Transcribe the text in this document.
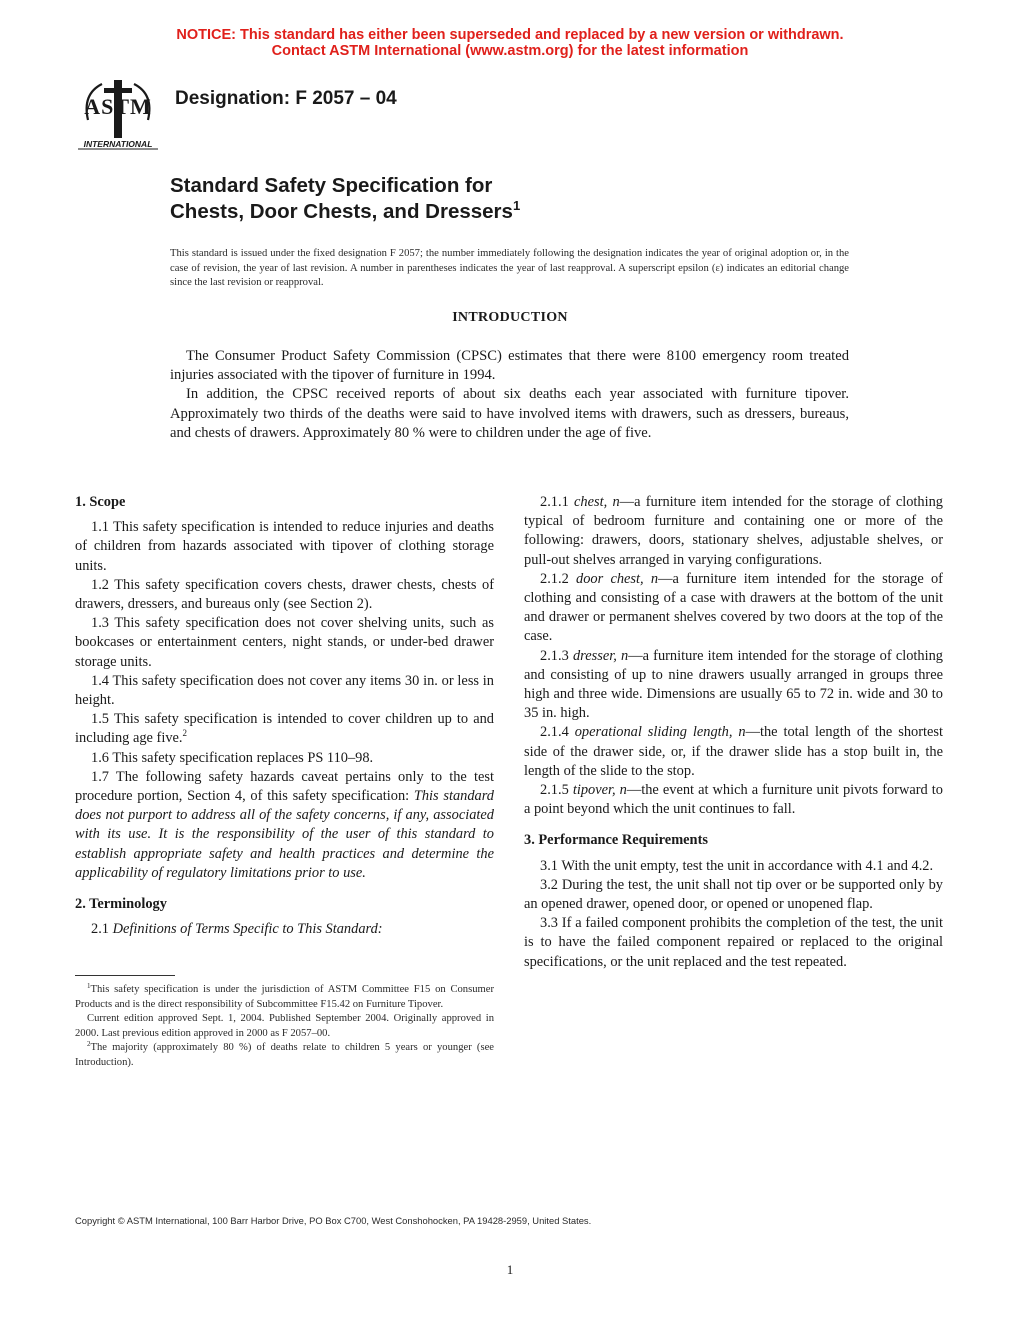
NOTICE: This standard has either been superseded and replaced by a new version or withdrawn.
Contact ASTM International (www.astm.org) for the latest information
ASTM
INTERNATIONAL
Designation: F 2057 – 04
Standard Safety Specification for
Chests, Door Chests, and Dressers$^1$
This standard is issued under the fixed designation F 2057; the number immediately following the designation indicates the year of original adoption or, in the case of revision, the year of last revision. A number in parentheses indicates the year of last reapproval. A superscript epsilon (ε) indicates an editorial change since the last revision or reapproval.
INTRODUCTION

The Consumer Product Safety Commission (CPSC) estimates that there were 8100 emergency room treated injuries associated with the tipover of furniture in 1994.

In addition, the CPSC received reports of about six deaths each year associated with furniture tipover. Approximately two thirds of the deaths were said to have involved items with drawers, such as dressers, bureaus, and chests of drawers. Approximately 80 % were to children under the age of five.

1. Scope

1.1 This safety specification is intended to reduce injuries and deaths of children from hazards associated with tipover of clothing storage units.

1.2 This safety specification covers chests, drawer chests, chests of drawers, dressers, and bureaus only (see Section 2).

1.3 This safety specification does not cover shelving units, such as bookcases or entertainment centers, night stands, or under-bed drawer storage units.

1.4 This safety specification does not cover any items 30 in. or less in height.

1.5 This safety specification is intended to cover children up to and including age five.$^2$

1.6 This safety specification replaces PS 110–98.

1.7 The following safety hazards caveat pertains only to the test procedure portion, Section 4, of this safety specification: This standard does not purport to address all of the safety concerns, if any, associated with its use. It is the responsibility of the user of this standard to establish appropriate safety and health practices and determine the applicability of regulatory limitations prior to use.

2. Terminology

2.1 Definitions of Terms Specific to This Standard:

$^1$This safety specification is under the jurisdiction of ASTM Committee F15 on Consumer Products and is the direct responsibility of Subcommittee F15.42 on Furniture Tipover.

Current edition approved Sept. 1, 2004. Published September 2004. Originally approved in 2000. Last previous edition approved in 2000 as F 2057–00.

$^2$The majority (approximately 80 %) of deaths relate to children 5 years or younger (see Introduction).

2.1.1 chest, n—a furniture item intended for the storage of clothing typical of bedroom furniture and containing one or more of the following: drawers, doors, stationary shelves, adjustable shelves, or pull-out shelves arranged in varying configurations.

2.1.2 door chest, n—a furniture item intended for the storage of clothing and consisting of a case with drawers at the bottom of the unit and drawer or permanent shelves covered by two doors at the top of the case.

2.1.3 dresser, n—a furniture item intended for the storage of clothing and consisting of up to nine drawers usually arranged in groups three high and three wide. Dimensions are usually 65 to 72 in. wide and 30 to 35 in. high.

2.1.4 operational sliding length, n—the total length of the shortest side of the drawer side, or, if the drawer slide has a stop built in, the length of the slide to the stop.

2.1.5 tipover, n—the event at which a furniture unit pivots forward to a point beyond which the unit continues to fall.

3. Performance Requirements

3.1 With the unit empty, test the unit in accordance with 4.1 and 4.2.

3.2 During the test, the unit shall not tip over or be supported only by an opened drawer, opened door, or opened or unopened flap.

3.3 If a failed component prohibits the completion of the test, the unit is to have the failed component repaired or replaced to the original specifications, or the unit replaced and the test repeated.

Copyright © ASTM International, 100 Barr Harbor Drive, PO Box C700, West Conshohocken, PA 19428-2959, United States.
1
